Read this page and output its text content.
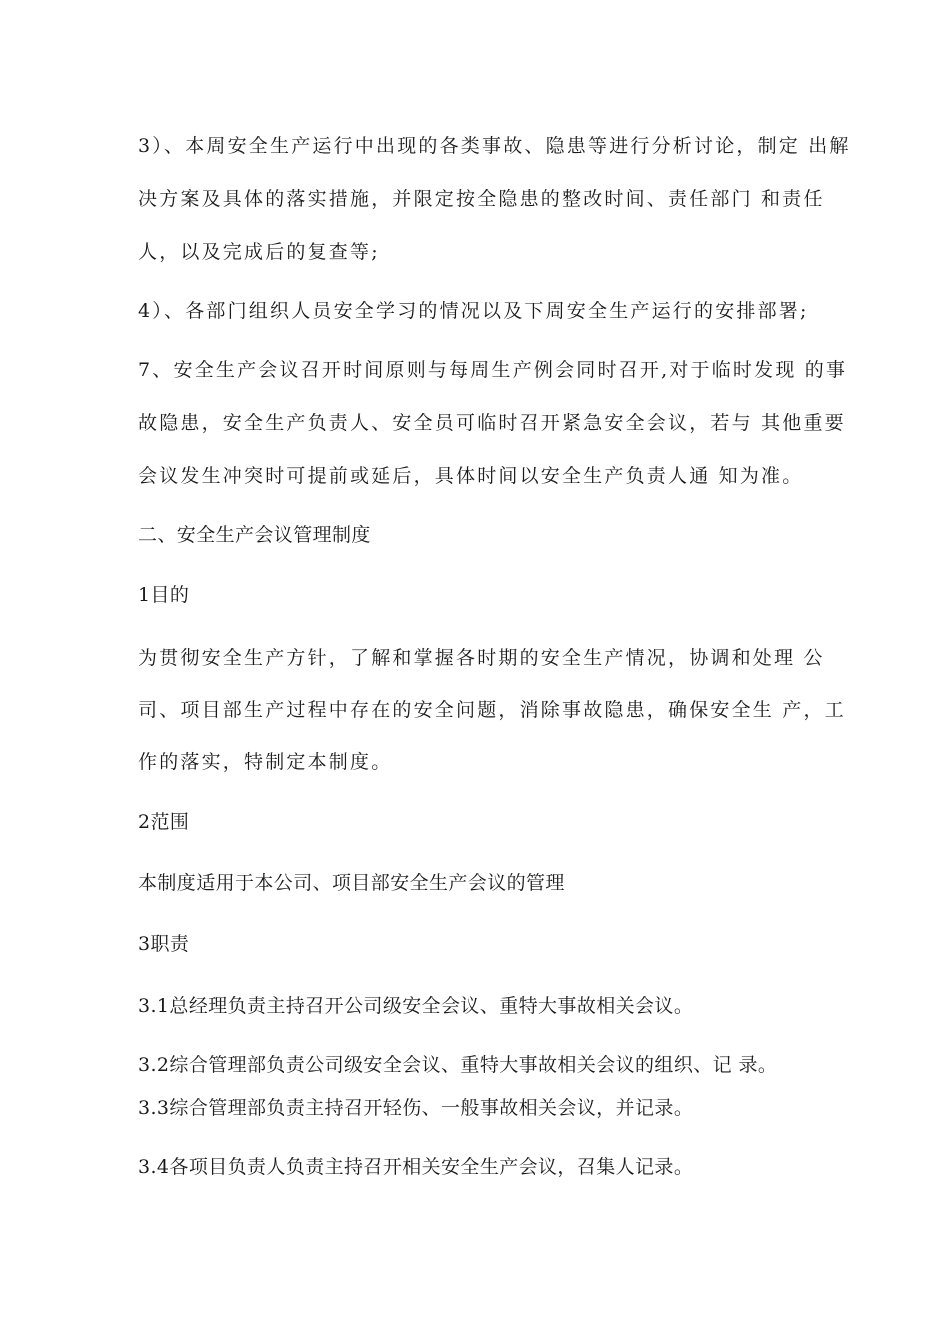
3）、本周安全生产运行中出现的各类事故、隐患等进行分析讨论，制定 出解
决方案及具体的落实措施，并限定按全隐患的整改时间、责任部门 和责任
人，以及完成后的复查等;
4）、各部门组织人员安全学习的情况以及下周安全生产运行的安排部署;
7、安全生产会议召开时间原则与每周生产例会同时召开,对于临时发现 的事
故隐患，安全生产负责人、安全员可临时召开紧急安全会议，若与 其他重要
会议发生冲突时可提前或延后，具体时间以安全生产负责人通 知为准。
二、安全生产会议管理制度
1目的
为贯彻安全生产方针，了解和掌握各时期的安全生产情况，协调和处理 公
司、项目部生产过程中存在的安全问题，消除事故隐患，确保安全生 产，工
作的落实，特制定本制度。
2范围
本制度适用于本公司、项目部安全生产会议的管理
3职责
3.1总经理负责主持召开公司级安全会议、重特大事故相关会议。
3.2综合管理部负责公司级安全会议、重特大事故相关会议的组织、记 录。
3.3综合管理部负责主持召开轻伤、一般事故相关会议，并记录。
3.4各项目负责人负责主持召开相关安全生产会议，召集人记录。
